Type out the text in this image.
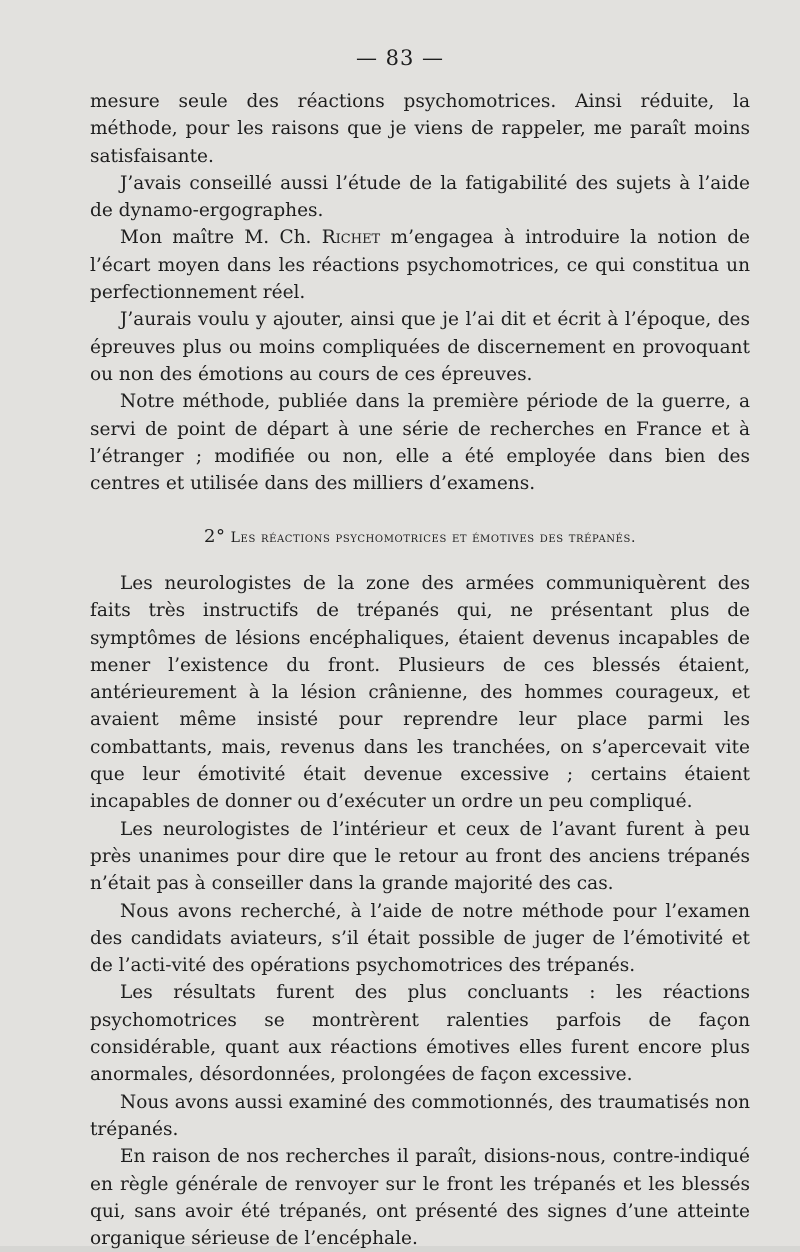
— 83 —

mesure seule des réactions psychomotrices. Ainsi réduite, la méthode, pour les raisons que je viens de rappeler, me paraît moins satisfaisante.

J’avais conseillé aussi l’étude de la fatigabilité des sujets à l’aide de dynamo-ergographes.

Mon maître M. Ch. Richet m’engagea à introduire la notion de l’écart moyen dans les réactions psychomotrices, ce qui constitua un perfectionnement réel.

J’aurais voulu y ajouter, ainsi que je l’ai dit et écrit à l’époque, des épreuves plus ou moins compliquées de discernement en provoquant ou non des émotions au cours de ces épreuves.

Notre méthode, publiée dans la première période de la guerre, a servi de point de départ à une série de recherches en France et à l’étranger ; modifiée ou non, elle a été employée dans bien des centres et utilisée dans des milliers d’examens.

2° Les réactions psychomotrices et émotives des trépanés.

Les neurologistes de la zone des armées communiquèrent des faits très instructifs de trépanés qui, ne présentant plus de symptômes de lésions encéphaliques, étaient devenus incapables de mener l’existence du front. Plusieurs de ces blessés étaient, antérieurement à la lésion crânienne, des hommes courageux, et avaient même insisté pour reprendre leur place parmi les combattants, mais, revenus dans les tranchées, on s’apercevait vite que leur émotivité était devenue excessive ; certains étaient incapables de donner ou d’exécuter un ordre un peu compliqué.

Les neurologistes de l’intérieur et ceux de l’avant furent à peu près unanimes pour dire que le retour au front des anciens trépanés n’était pas à conseiller dans la grande majorité des cas.

Nous avons recherché, à l’aide de notre méthode pour l’examen des candidats aviateurs, s’il était possible de juger de l’émotivité et de l’acti-vité des opérations psychomotrices des trépanés.

Les résultats furent des plus concluants : les réactions psychomotrices se montrèrent ralenties parfois de façon considérable, quant aux réactions émotives elles furent encore plus anormales, désordonnées, prolongées de façon excessive.

Nous avons aussi examiné des commotionnés, des traumatisés non trépanés.

En raison de nos recherches il paraît, disions-nous, contre-indiqué en règle générale de renvoyer sur le front les trépanés et les blessés qui, sans avoir été trépanés, ont présenté des signes d’une atteinte organique sérieuse de l’encéphale.
